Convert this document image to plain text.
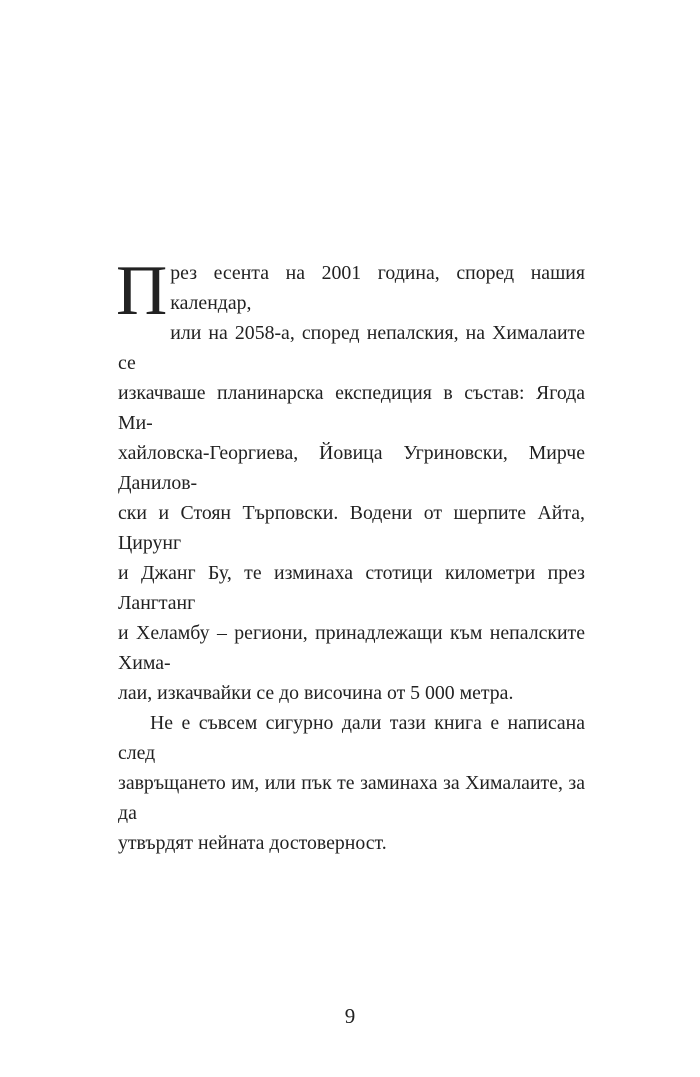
П рез есента на 2001 година, според нашия календар,
или на 2058-а, според непалския, на Хималаите се
изкачваше планинарска експедиция в състав: Ягода Ми-
хайловска-Георгиева, Йовица Угриновски, Мирче Данилов-
ски и Стоян Търповски. Водени от шерпите Айта, Цирунг
и Джанг Бу, те изминаха стотици километри през Лангтанг
и Хеламбу – региони, принадлежащи към непалските Хима-
лаи, изкачвайки се до височина от 5 000 метра.

Не е съвсем сигурно дали тази книга е написана след
завръщането им, или пък те заминаха за Хималаите, за да
утвърдят нейната достоверност.

9
